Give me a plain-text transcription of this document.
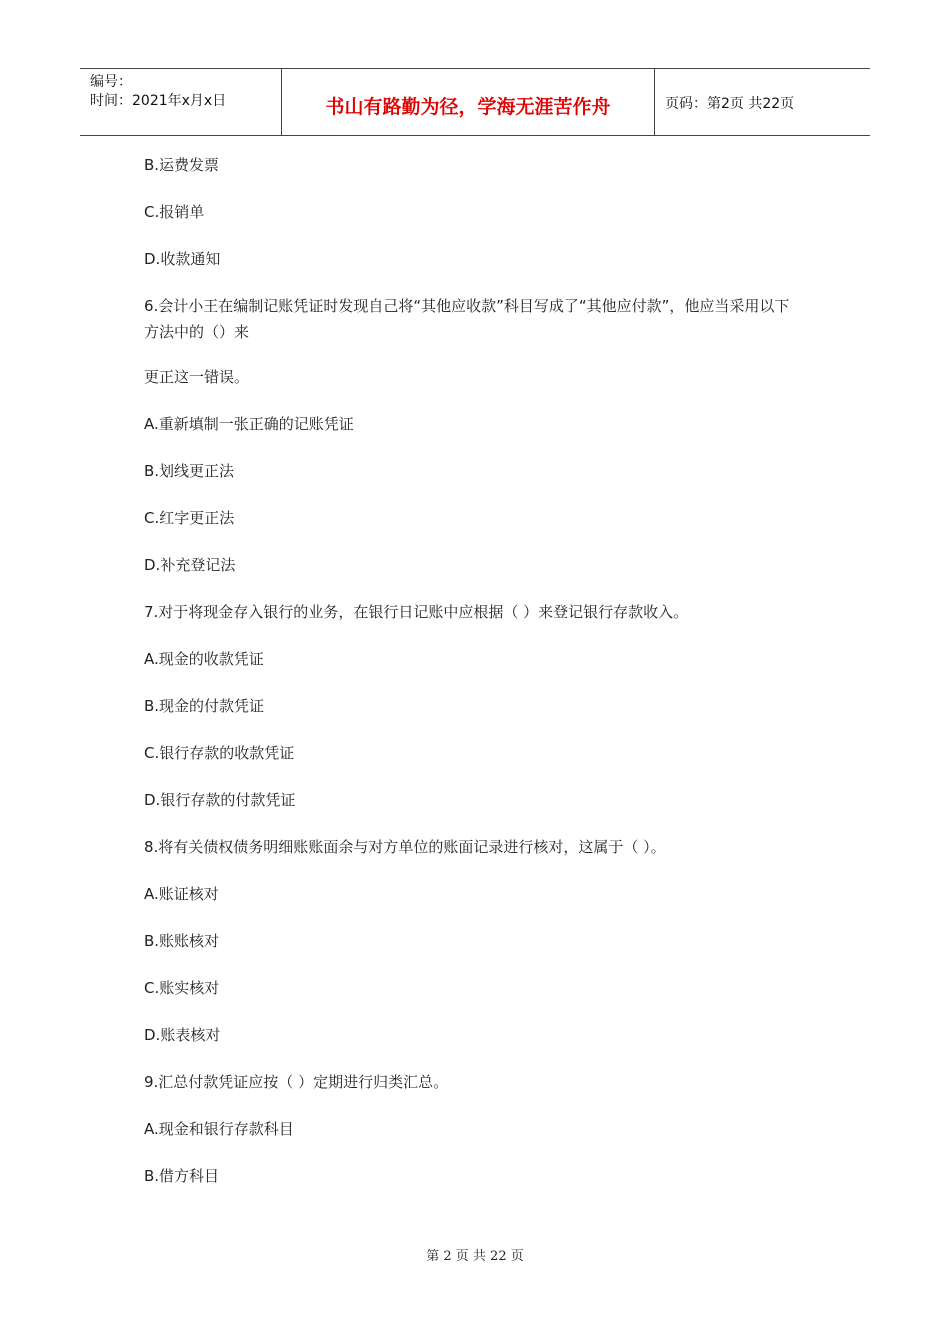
编号：
时间：2021年x月x日	书山有路勤为径，学海无涯苦作舟	页码：第2页 共22页
B.运费发票
C.报销单
D.收款通知
6.会计小王在编制记账凭证时发现自己将“其他应收款”科目写成了“其他应付款”，他应当采用以下方法中的（）来
更正这一错误。
A.重新填制一张正确的记账凭证
B.划线更正法
C.红字更正法
D.补充登记法
7.对于将现金存入银行的业务，在银行日记账中应根据（ ）来登记银行存款收入。
A.现金的收款凭证
B.现金的付款凭证
C.银行存款的收款凭证
D.银行存款的付款凭证
8.将有关债权债务明细账账面余与对方单位的账面记录进行核对，这属于（ ）。
A.账证核对
B.账账核对
C.账实核对
D.账表核对
9.汇总付款凭证应按（ ）定期进行归类汇总。
A.现金和银行存款科目
B.借方科目
第 2 页 共 22 页
